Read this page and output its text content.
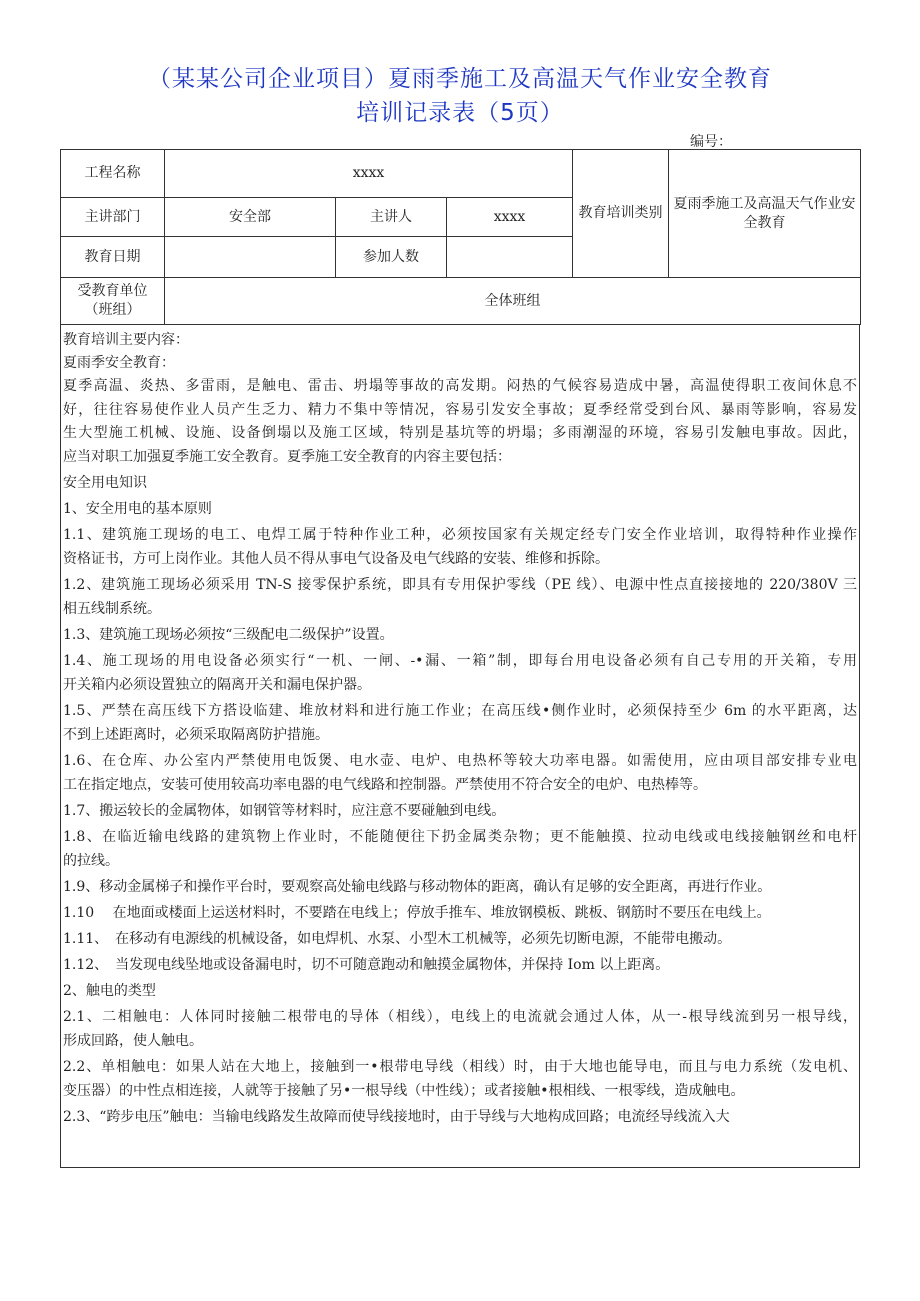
（某某公司企业项目）夏雨季施工及高温天气作业安全教育
培训记录表（5页）
编号：
工程名称	xxxx			教育培训类别	夏雨季施工及高温天气作业安全教育
主讲部门	安全部	主讲人	xxxx		
教育日期		参加人数			
受教育单位（班组）	全体班组				
教育培训主要内容：
夏雨季安全教育：
夏季高温、炎热、多雷雨，是触电、雷击、坍塌等事故的高发期。闷热的气候容易造成中暑，高温使得职工夜间休息不
好，往往容易使作业人员产生乏力、精力不集中等情况，容易引发安全事故；夏季经常受到台风、暴雨等影响，容易发
生大型施工机械、设施、设备倒塌以及施工区域，特别是基坑等的坍塌；多雨潮湿的环境，容易引发触电事故。因此，
应当对职工加强夏季施工安全教育。夏季施工安全教育的内容主要包括：
安全用电知识
1、安全用电的基本原则
1.1、建筑施工现场的电工、电焊工属于特种作业工种，必须按国家有关规定经专门安全作业培训，取得特种作业操作
资格证书，方可上岗作业。其他人员不得从事电气设备及电气线路的安装、维修和拆除。
1.2、建筑施工现场必须采用 TN-S 接零保护系统，即具有专用保护零线（PE 线）、电源中性点直接接地的 220/380V 三
相五线制系统。
1.3、建筑施工现场必须按“三级配电二级保护”设置。
1.4、施工现场的用电设备必须实行“一机、一闸、-•漏、一箱”制，即每台用电设备必须有自己专用的开关箱，专用
开关箱内必须设置独立的隔离开关和漏电保护器。
1.5、严禁在高压线下方搭设临建、堆放材料和进行施工作业；在高压线•侧作业时，必须保持至少 6m 的水平距离，达
不到上述距离时，必须采取隔离防护措施。
1.6、在仓库、办公室内严禁使用电饭煲、电水壶、电炉、电热杯等较大功率电器。如需使用，应由项目部安排专业电
工在指定地点，安装可使用较高功率电器的电气线路和控制器。严禁使用不符合安全的电炉、电热棒等。
1.7、搬运较长的金属物体，如钢管等材料时，应注意不要碰触到电线。
1.8、在临近输电线路的建筑物上作业时，不能随便往下扔金属类杂物；更不能触摸、拉动电线或电线接触钢丝和电杆
的拉线。
1.9、移动金属梯子和操作平台时，要观察高处输电线路与移动物体的距离，确认有足够的安全距离，再进行作业。
1.10　 在地面或楼面上运送材料时，不要踏在电线上；停放手推车、堆放钢模板、跳板、钢筋时不要压在电线上。
1.11、　在移动有电源线的机械设备，如电焊机、水泵、小型木工机械等，必须先切断电源，不能带电搬动。
1.12、　当发现电线坠地或设备漏电时，切不可随意跑动和触摸金属物体，并保持 Iom 以上距离。
2、触电的类型
2.1、二相触电：人体同时接触二根带电的导体（相线），电线上的电流就会通过人体，从一-根导线流到另一根导线，
形成回路，使人触电。
2.2、单相触电：如果人站在大地上，接触到一•根带电导线（相线）时，由于大地也能导电，而且与电力系统（发电机、
变压器）的中性点相连接，人就等于接触了另•一根导线（中性线）；或者接触•根相线、一根零线，造成触电。
2.3、“跨步电压”触电：当输电线路发生故障而使导线接地时，由于导线与大地构成回路；电流经导线流入大
